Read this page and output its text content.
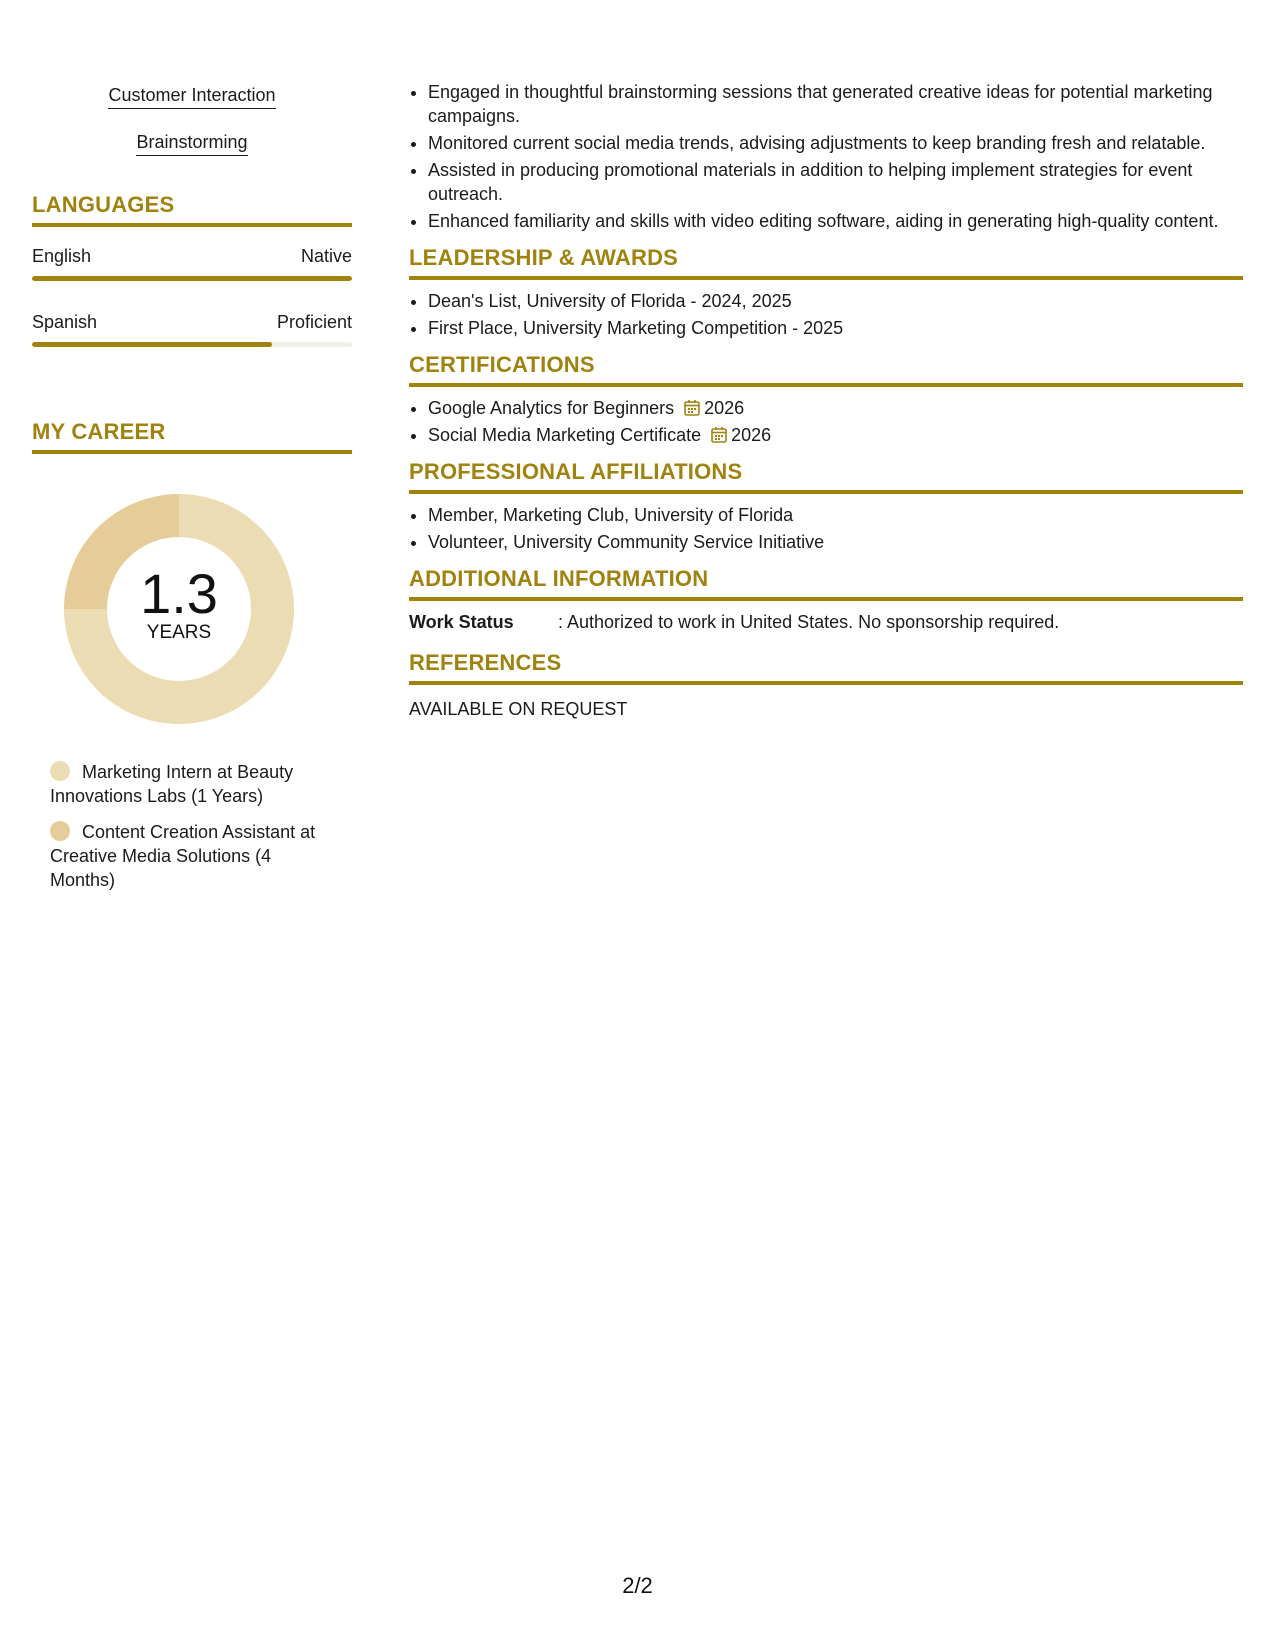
Customer Interaction
Brainstorming
LANGUAGES
English	Native
Spanish	Proficient
MY CAREER
1.3
YEARS
Marketing Intern at Beauty Innovations Labs (1 Years)
Content Creation Assistant at Creative Media Solutions (4 Months)
• Engaged in thoughtful brainstorming sessions that generated creative ideas for potential marketing campaigns.
• Monitored current social media trends, advising adjustments to keep branding fresh and relatable.
• Assisted in producing promotional materials in addition to helping implement strategies for event outreach.
• Enhanced familiarity and skills with video editing software, aiding in generating high-quality content.
LEADERSHIP & AWARDS
• Dean's List, University of Florida - 2024, 2025
• First Place, University Marketing Competition - 2025
CERTIFICATIONS
• Google Analytics for Beginners 2026
• Social Media Marketing Certificate 2026
PROFESSIONAL AFFILIATIONS
• Member, Marketing Club, University of Florida
• Volunteer, University Community Service Initiative
ADDITIONAL INFORMATION
Work Status	: Authorized to work in United States. No sponsorship required.
REFERENCES
AVAILABLE ON REQUEST
2/2
